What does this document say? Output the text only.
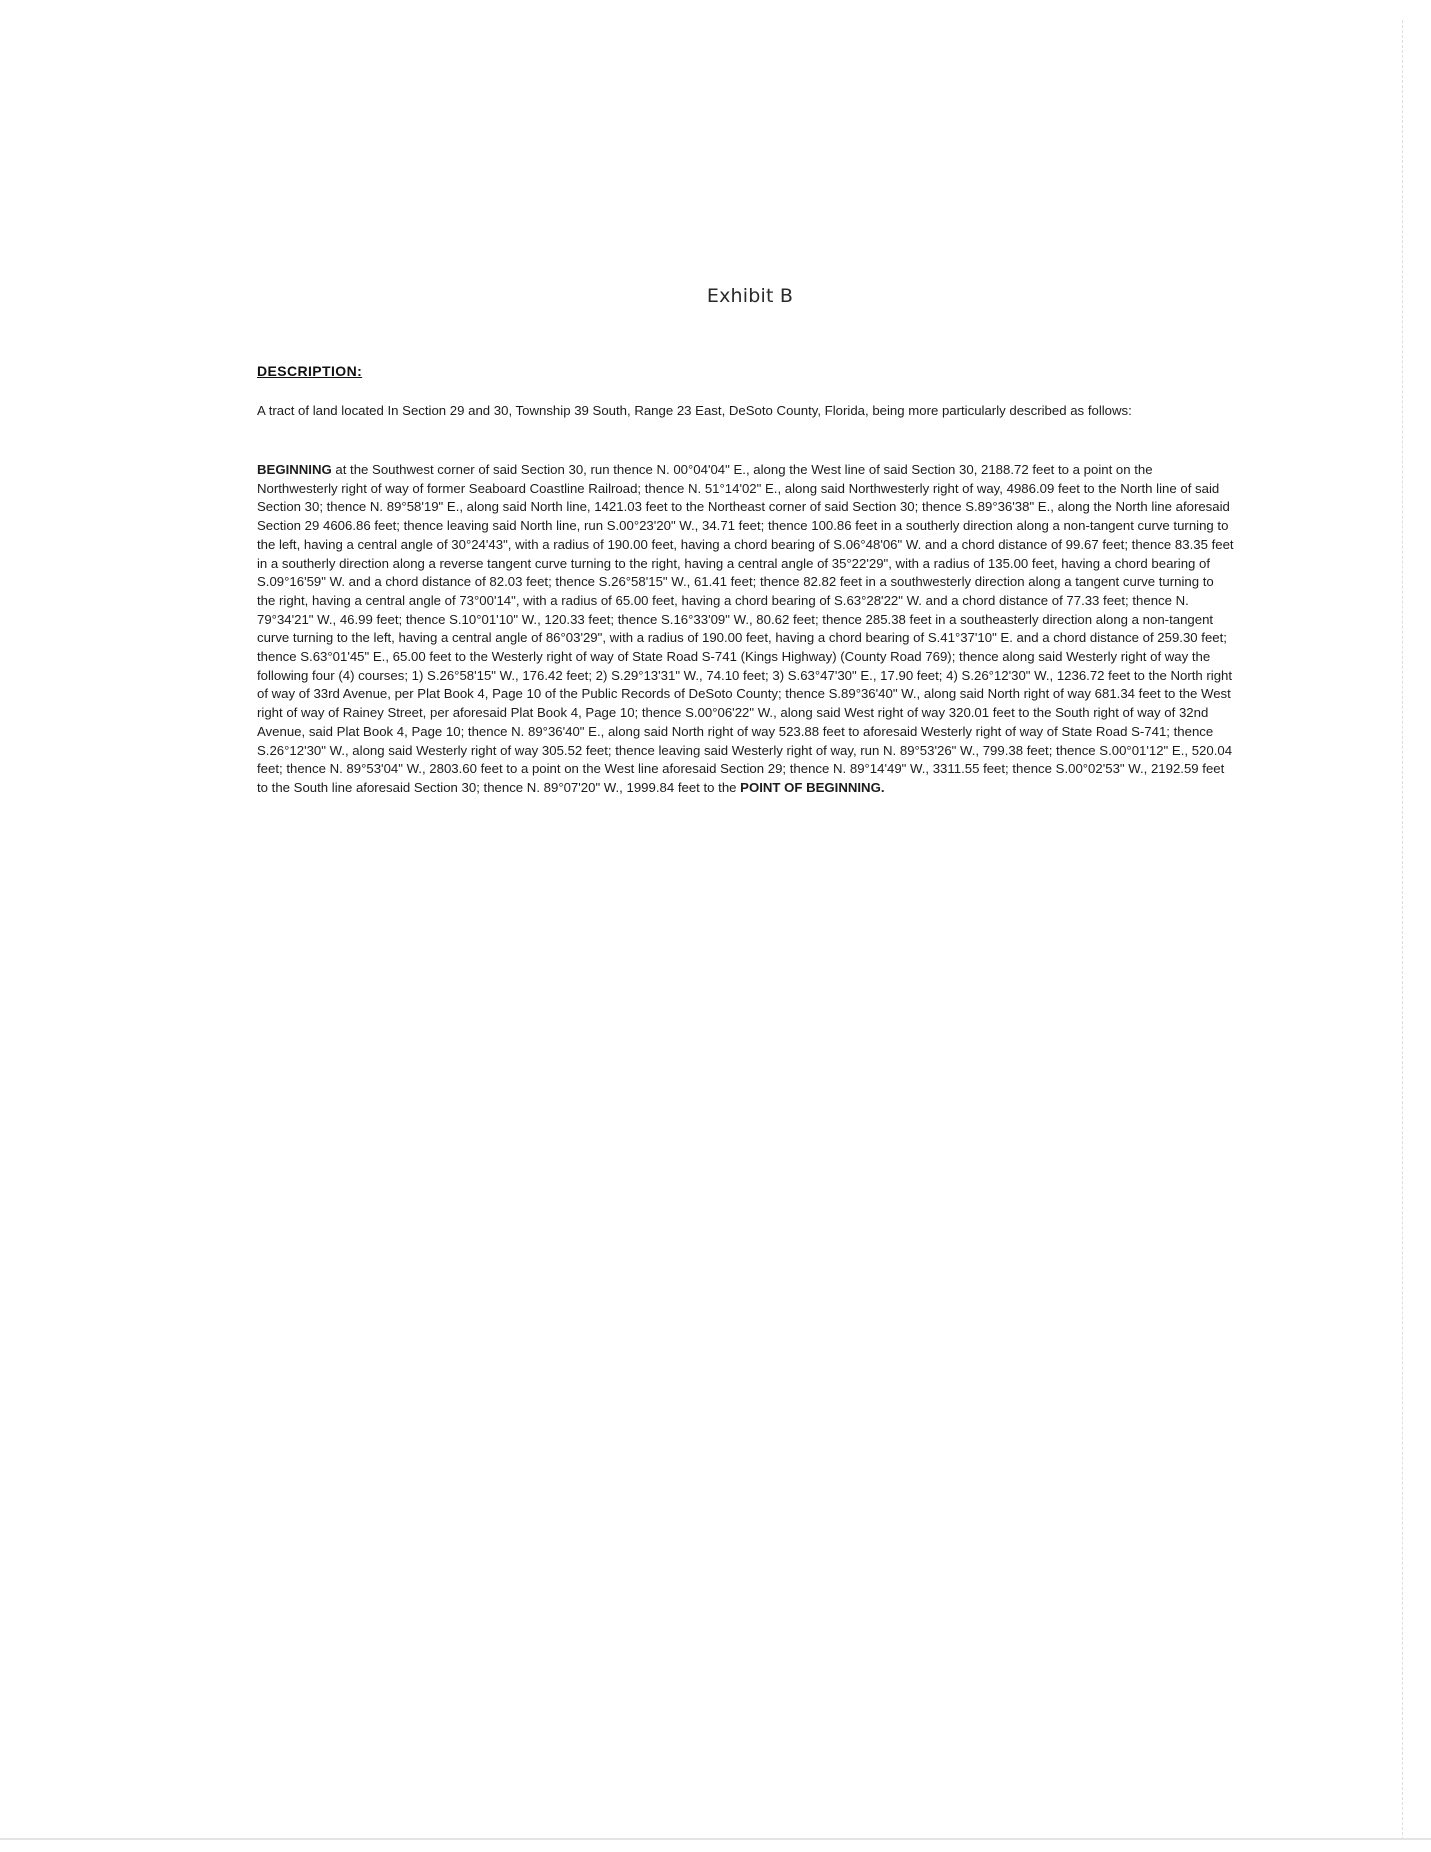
Exhibit B
DESCRIPTION:
A tract of land located In Section 29 and 30, Township 39 South, Range 23 East, DeSoto County, Florida, being more particularly described as follows:
BEGINNING at the Southwest corner of said Section 30, run thence N. 00°04'04" E., along the West line of said Section 30, 2188.72 feet to a point on the Northwesterly right of way of former Seaboard Coastline Railroad; thence N. 51°14'02" E., along said Northwesterly right of way, 4986.09 feet to the North line of said Section 30; thence N. 89°58'19" E., along said North line, 1421.03 feet to the Northeast corner of said Section 30; thence S.89°36'38" E., along the North line aforesaid Section 29 4606.86 feet; thence leaving said North line, run S.00°23'20" W., 34.71 feet; thence 100.86 feet in a southerly direction along a non-tangent curve turning to the left, having a central angle of 30°24'43", with a radius of 190.00 feet, having a chord bearing of S.06°48'06" W. and a chord distance of 99.67 feet; thence 83.35 feet in a southerly direction along a reverse tangent curve turning to the right, having a central angle of 35°22'29", with a radius of 135.00 feet, having a chord bearing of S.09°16'59" W. and a chord distance of 82.03 feet; thence S.26°58'15" W., 61.41 feet; thence 82.82 feet in a southwesterly direction along a tangent curve turning to the right, having a central angle of 73°00'14", with a radius of 65.00 feet, having a chord bearing of S.63°28'22" W. and a chord distance of 77.33 feet; thence N. 79°34'21" W., 46.99 feet; thence S.10°01'10" W., 120.33 feet; thence S.16°33'09" W., 80.62 feet; thence 285.38 feet in a southeasterly direction along a non-tangent curve turning to the left, having a central angle of 86°03'29", with a radius of 190.00 feet, having a chord bearing of S.41°37'10" E. and a chord distance of 259.30 feet; thence S.63°01'45" E., 65.00 feet to the Westerly right of way of State Road S-741 (Kings Highway) (County Road 769); thence along said Westerly right of way the following four (4) courses; 1) S.26°58'15" W., 176.42 feet; 2) S.29°13'31" W., 74.10 feet; 3) S.63°47'30" E., 17.90 feet; 4) S.26°12'30" W., 1236.72 feet to the North right of way of 33rd Avenue, per Plat Book 4, Page 10 of the Public Records of DeSoto County; thence S.89°36'40" W., along said North right of way 681.34 feet to the West right of way of Rainey Street, per aforesaid Plat Book 4, Page 10; thence S.00°06'22" W., along said West right of way 320.01 feet to the South right of way of 32nd Avenue, said Plat Book 4, Page 10; thence N. 89°36'40" E., along said North right of way 523.88 feet to aforesaid Westerly right of way of State Road S-741; thence S.26°12'30" W., along said Westerly right of way 305.52 feet; thence leaving said Westerly right of way, run N. 89°53'26" W., 799.38 feet; thence S.00°01'12" E., 520.04 feet; thence N. 89°53'04" W., 2803.60 feet to a point on the West line aforesaid Section 29; thence N. 89°14'49" W., 3311.55 feet; thence S.00°02'53" W., 2192.59 feet to the South line aforesaid Section 30; thence N. 89°07'20" W., 1999.84 feet to the POINT OF BEGINNING.
